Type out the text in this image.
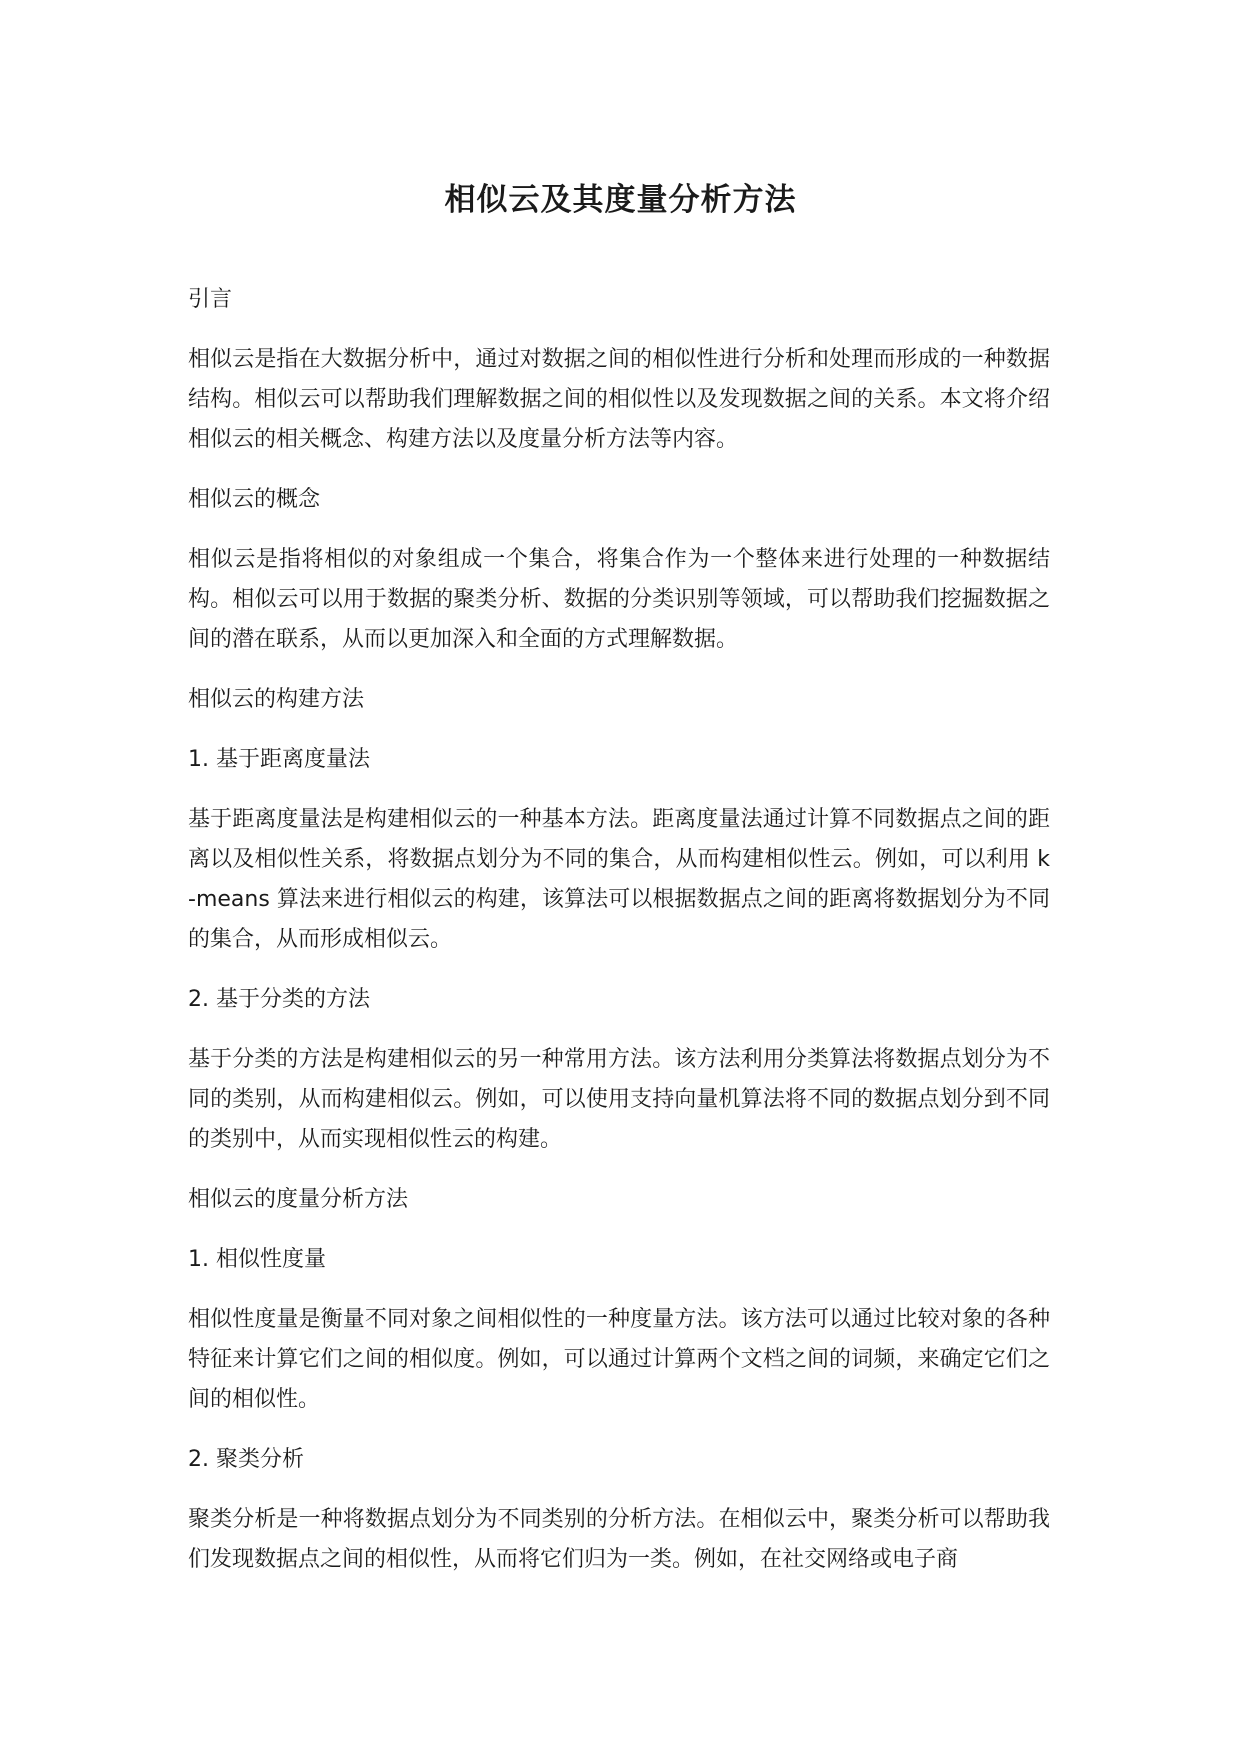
相似云及其度量分析方法
引言

相似云是指在大数据分析中，通过对数据之间的相似性进行分析和处理而形成的一种数据结构。相似云可以帮助我们理解数据之间的相似性以及发现数据之间的关系。本文将介绍相似云的相关概念、构建方法以及度量分析方法等内容。

相似云的概念

相似云是指将相似的对象组成一个集合，将集合作为一个整体来进行处理的一种数据结构。相似云可以用于数据的聚类分析、数据的分类识别等领域，可以帮助我们挖掘数据之间的潜在联系，从而以更加深入和全面的方式理解数据。

相似云的构建方法
1. 基于距离度量法

基于距离度量法是构建相似云的一种基本方法。距离度量法通过计算不同数据点之间的距离以及相似性关系，将数据点划分为不同的集合，从而构建相似性云。例如，可以利用 k-means 算法来进行相似云的构建，该算法可以根据数据点之间的距离将数据划分为不同的集合，从而形成相似云。

2. 基于分类的方法

基于分类的方法是构建相似云的另一种常用方法。该方法利用分类算法将数据点划分为不同的类别，从而构建相似云。例如，可以使用支持向量机算法将不同的数据点划分到不同的类别中，从而实现相似性云的构建。

相似云的度量分析方法
1. 相似性度量

相似性度量是衡量不同对象之间相似性的一种度量方法。该方法可以通过比较对象的各种特征来计算它们之间的相似度。例如，可以通过计算两个文档之间的词频，来确定它们之间的相似性。

2. 聚类分析

聚类分析是一种将数据点划分为不同类别的分析方法。在相似云中，聚类分析可以帮助我们发现数据点之间的相似性，从而将它们归为一类。例如，在社交网络或电子商
